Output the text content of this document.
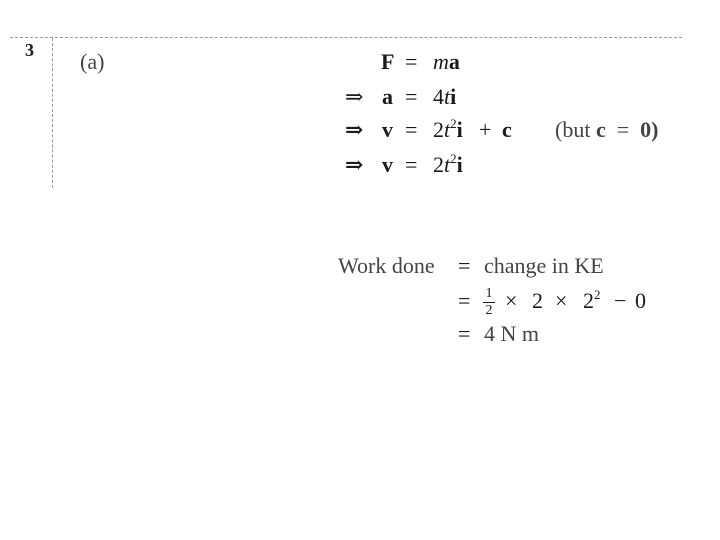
3 (a)	F = ma
⇒ a = 4ti
⇒ $v = 2t^2i + c$ (but c = 0)
⇒ $v = 2t^2i$
Work done = change in KE
= 1
$2 \times 2 \times 2^2 - 0$
= 4 N m
